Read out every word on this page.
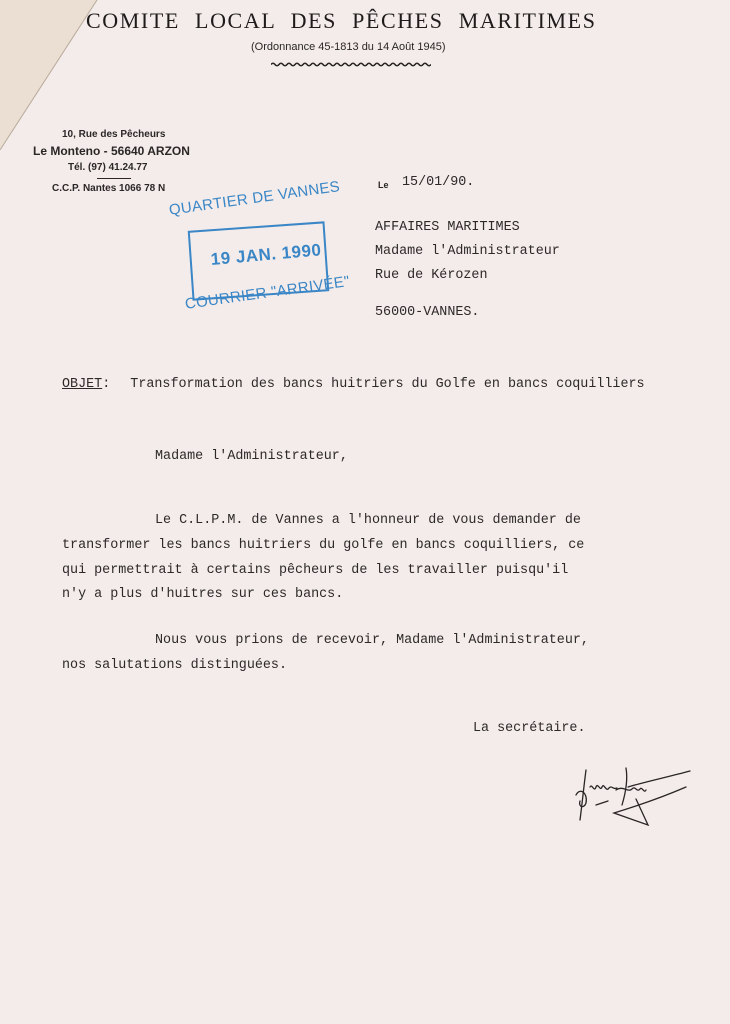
COMITE LOCAL DES PÊCHES MARITIMES
(Ordonnance 45-1813 du 14 Août 1945)
10, Rue des Pêcheurs
Le Monteno - 56640 ARZON
Tél. (97) 41.24.77
C.C.P. Nantes 1066 78 N QUARTIER DE VANNES
19 JAN. 1990
COURRIER "ARRIVÉE"
Le 15/01/90.
AFFAIRES MARITIMES
Madame l'Administrateur
Rue de Kérozen
56000-VANNES.
OBJET: Transformation des bancs huitriers du Golfe en bancs coquilliers
Madame l'Administrateur,
Le C.L.P.M. de Vannes a l'honneur de vous demander de
transformer les bancs huitriers du golfe en bancs coquilliers, ce
qui permettrait à certains pêcheurs de les travailler puisqu'il
n'y a plus d'huitres sur ces bancs.
Nous vous prions de recevoir, Madame l'Administrateur,
nos salutations distinguées.
La secrétaire.
